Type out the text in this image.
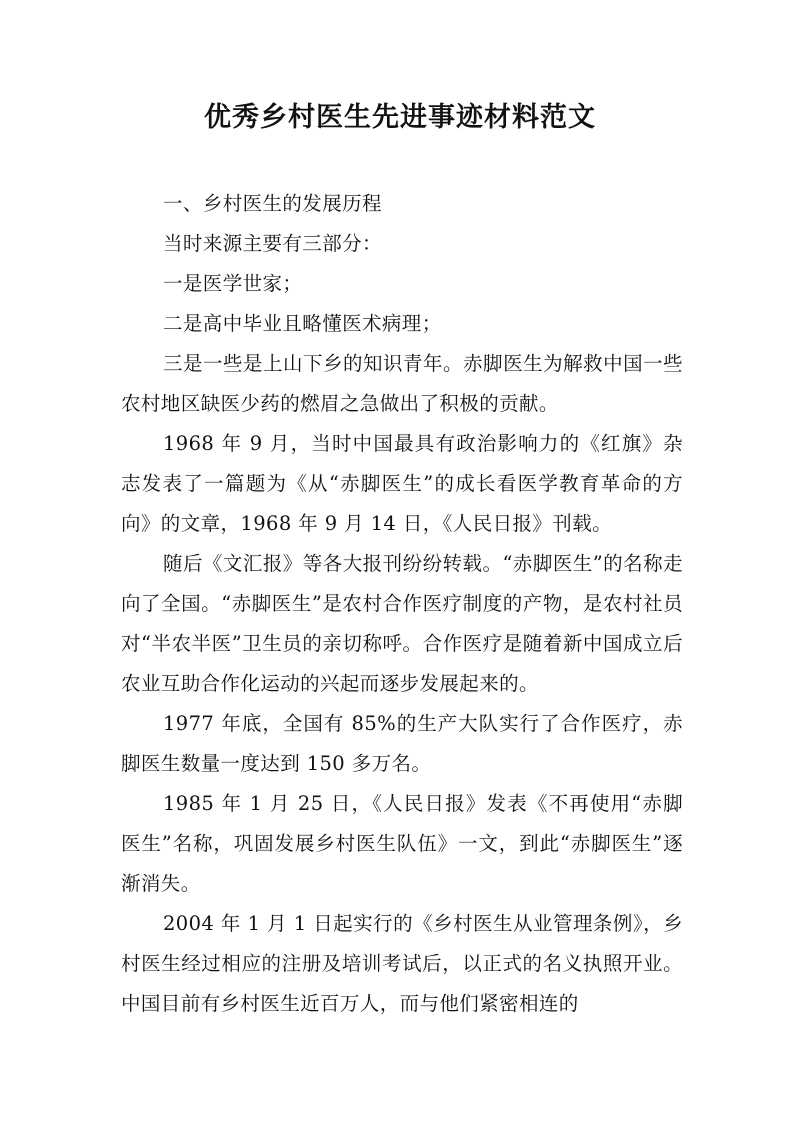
优秀乡村医生先进事迹材料范文

一、乡村医生的发展历程

当时来源主要有三部分：

一是医学世家；

二是高中毕业且略懂医术病理；

三是一些是上山下乡的知识青年。赤脚医生为解救中国一些农村地区缺医少药的燃眉之急做出了积极的贡献。

1968 年 9 月，当时中国最具有政治影响力的《红旗》杂志发表了一篇题为《从“赤脚医生”的成长看医学教育革命的方向》的文章，1968 年 9 月 14 日，《人民日报》刊载。

随后《文汇报》等各大报刊纷纷转载。“赤脚医生”的名称走向了全国。“赤脚医生”是农村合作医疗制度的产物，是农村社员对“半农半医”卫生员的亲切称呼。合作医疗是随着新中国成立后农业互助合作化运动的兴起而逐步发展起来的。

1977 年底，全国有 85%的生产大队实行了合作医疗，赤脚医生数量一度达到 150 多万名。

1985 年 1 月 25 日，《人民日报》发表《不再使用“赤脚医生”名称，巩固发展乡村医生队伍》一文，到此“赤脚医生”逐渐消失。

2004 年 1 月 1 日起实行的《乡村医生从业管理条例》，乡村医生经过相应的注册及培训考试后，以正式的名义执照开业。中国目前有乡村医生近百万人，而与他们紧密相连的
